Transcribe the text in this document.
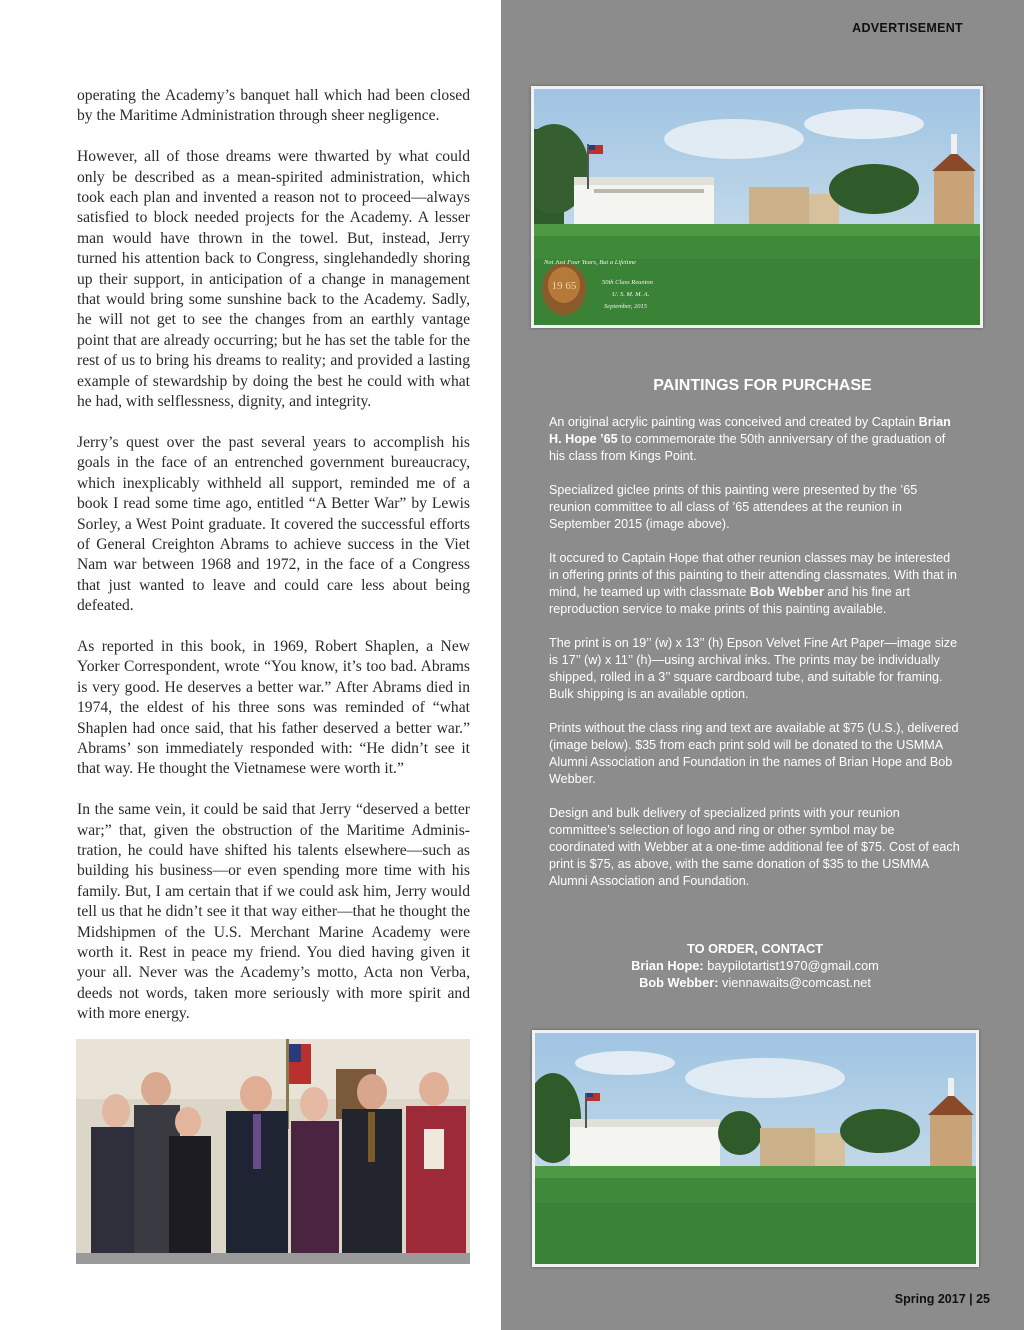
operating the Academy’s banquet hall which had been closed by the Maritime Administration through sheer negligence.

However, all of those dreams were thwarted by what could only be described as a mean-spirited administration, which took each plan and invented a reason not to proceed—always satisfied to block needed projects for the Academy. A lesser man would have thrown in the towel. But, instead, Jerry turned his attention back to Congress, singlehandedly shoring up their support, in anticipation of a change in management that would bring some sunshine back to the Academy. Sadly, he will not get to see the changes from an earthly vantage point that are already occurring; but he has set the table for the rest of us to bring his dreams to reality; and provided a lasting example of stewardship by doing the best he could with what he had, with selflessness, dignity, and integrity.

Jerry’s quest over the past several years to accomplish his goals in the face of an entrenched government bureaucracy, which inexplicably withheld all support, reminded me of a book I read some time ago, entitled “A Better War” by Lewis Sorley, a West Point graduate. It covered the successful efforts of General Creighton Abrams to achieve success in the Viet Nam war between 1968 and 1972, in the face of a Congress that just wanted to leave and could care less about being defeated.

As reported in this book, in 1969, Robert Shaplen, a New Yorker Correspondent, wrote “You know, it’s too bad. Abrams is very good. He deserves a better war.” After Abrams died in 1974, the eldest of his three sons was reminded of “what Shaplen had once said, that his father deserved a better war.” Abrams’ son immediately responded with: “He didn’t see it that way. He thought the Vietnamese were worth it.”

In the same vein, it could be said that Jerry “deserved a better war;” that, given the obstruction of the Maritime Adminis-tration, he could have shifted his talents elsewhere—such as building his business—or even spending more time with his family. But, I am certain that if we could ask him, Jerry would tell us that he didn’t see it that way either—that he thought the Midshipmen of the U.S. Merchant Marine Academy were worth it. Rest in peace my friend. You died having given it your all. Never was the Academy’s motto, Acta non Verba, deeds not words, taken more seriously with more spirit and with more energy.

ADVERTISEMENT
19 65
Not Just Four Years, But a Lifetime
50th Class Reunion
U. S. M. M. A.
September, 2015
PAINTINGS FOR PURCHASE

An original acrylic painting was conceived and created by Captain Brian H. Hope ’65 to commemorate the 50th anniversary of the graduation of his class from Kings Point.

Specialized giclee prints of this painting were presented by the ’65 reunion committee to all class of ’65 attendees at the reunion in September 2015 (image above).

It occured to Captain Hope that other reunion classes may be interested in offering prints of this painting to their attending classmates. With that in mind, he teamed up with classmate Bob Webber and his fine art reproduction service to make prints of this painting available.

The print is on 19’’ (w) x 13’’ (h) Epson Velvet Fine Art Paper—image size is 17’’ (w) x 11’’ (h)—using archival inks. The prints may be individually shipped, rolled in a 3’’ square cardboard tube, and suitable for framing. Bulk shipping is an available option.

Prints without the class ring and text are available at $75 (U.S.), delivered (image below). $35 from each print sold will be donated to the USMMA Alumni Association and Foundation in the names of Brian Hope and Bob Webber.

Design and bulk delivery of specialized prints with your reunion committee’s selection of logo and ring or other symbol may be coordinated with Webber at a one-time additional fee of $75. Cost of each print is $75, as above, with the same donation of $35 to the USMMA Alumni Association and Foundation.

TO ORDER, CONTACT
Brian Hope: baypilotartist1970@gmail.com
Bob Webber: viennawaits@comcast.net
Spring 2017 | 25
